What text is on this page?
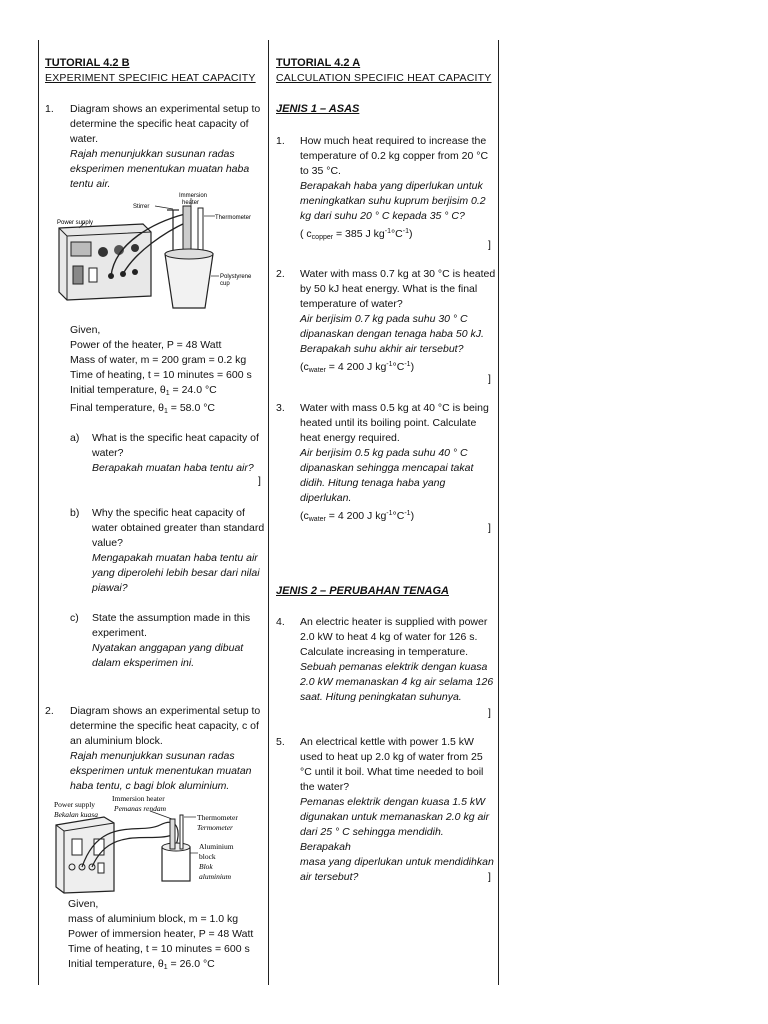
TUTORIAL 4.2 B
EXPERIMENT SPECIFIC HEAT CAPACITY
1. Diagram shows an experimental setup to
determine the specific heat capacity of
water.
Rajah menunjukkan susunan radas
eksperimen menentukan muatan haba
tentu air.
Stirrer
Immersion
heater
Power supply
Thermometer
Polystyrene
cup
Given,
Power of the heater, P = 48 Watt
Mass of water, m = 200 gram = 0.2 kg
Time of heating, t = 10 minutes = 600 s
Initial temperature, $\theta_1 = 24.0$ °C
Final temperature, $\theta_1 = 58.0$ °C
a) What is the specific heat capacity of
water?
Berapakah muatan haba tentu air?
]
b) Why the specific heat capacity of
water obtained greater than standard
value?
Mengapakah muatan haba tentu air
yang diperolehi lebih besar dari nilai
piawai?
c) State the assumption made in this
experiment.
Nyatakan anggapan yang dibuat
dalam eksperimen ini.
2. Diagram shows an experimental setup to
determine the specific heat capacity, c of
an aluminium block.
Rajah menunjukkan susunan radas
eksperimen untuk menentukan muatan
haba tentu, c bagi blok aluminium.
Power supply
Bekalan kuasa
Immersion heater
Pemanas rendam
Thermometer
Termometer
Aluminium
block
Blok
aluminium
Given,
mass of aluminium block, m = 1.0 kg
Power of immersion heater, P = 48 Watt
Time of heating, t = 10 minutes = 600 s
Initial temperature, $\theta_1 = 26.0$ °C
TUTORIAL 4.2 A
CALCULATION SPECIFIC HEAT CAPACITY
JENIS 1 – ASAS
1. How much heat required to increase the
temperature of 0.2 kg copper from 20 °C
to 35 °C.
Berapakah haba yang diperlukan untuk
meningkatkan suhu kuprum berjisim 0.2
kg dari suhu 20 ° C kepada 35 ° C?
( $c_{copper} = 385$ J $kg^{-1}^\circ C^{-1}$)
]
2. Water with mass 0.7 kg at 30 °C is heated
by 50 kJ heat energy. What is the final
temperature of water?
Air berjisim 0.7 kg pada suhu 30 ° C
dipanaskan dengan tenaga haba 50 kJ.
Berapakah suhu akhir air tersebut?
($c_{water} = 4$ 200 J $kg^{-1}^\circ C^{-1}$)
]
3. Water with mass 0.5 kg at 40 °C is being
heated until its boiling point. Calculate
heat energy required.
Air berjisim 0.5 kg pada suhu 40 ° C
dipanaskan sehingga mencapai takat
didih. Hitung tenaga haba yang
diperlukan.
($c_{water} = 4$ 200 J $kg^{-1}^\circ C^{-1}$)
]
JENIS 2 – PERUBAHAN TENAGA
4. An electric heater is supplied with power
2.0 kW to heat 4 kg of water for 126 s.
Calculate increasing in temperature.
Sebuah pemanas elektrik dengan kuasa
2.0 kW memanaskan 4 kg air selama 126
saat. Hitung peningkatan suhunya.
]
5. An electrical kettle with power 1.5 kW
used to heat up 2.0 kg of water from 25
°C until it boil. What time needed to boil
the water?
Pemanas elektrik dengan kuasa 1.5 kW
digunakan untuk memanaskan 2.0 kg air
dari 25 ° C sehingga mendidih. Berapakah
masa yang diperlukan untuk mendidihkan
air tersebut?	]
